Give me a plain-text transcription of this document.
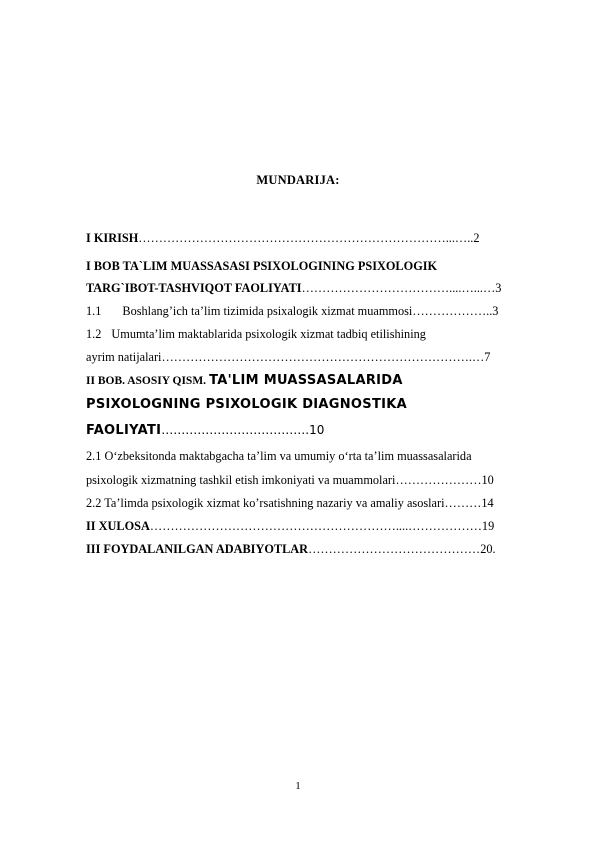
MUNDARIJA:
I KIRISH…………………………………………………………………...…..2
I BOB TA`LIM MUASSASASI PSIXOLOGINING PSIXOLOGIK
TARG`IBOT-TASHVIQOT FAOLIYATI………………………………....…...…3
1.1 Boshlang’ich ta’lim tizimida psixalogik xizmat muammosi………………..3
1.2 Umumta’lim maktablarida psixologik xizmat tadbiq etilishining
ayrim natijalari………………………………………………………………….…7
II BOB. ASOSIY QISM. TA'LIM MUASSASALARIDA
PSIXOLOGNING PSIXOLOGIK DIAGNOSTIKA
FAOLIYATI……………………………….10
2.1 O‘zbeksitonda maktabgacha ta’lim va umumiy o‘rta ta’lim muassasalarida
psixologik xizmatning tashkil etish imkoniyati va muammolari…………………10
2.2 Ta’limda psixologik xizmat ko’rsatishning nazariy va amaliy asoslari………14
II XULOSA……………………………………………………....………………19
III FOYDALANILGAN ADABIYOTLAR……………………………………20.
1
